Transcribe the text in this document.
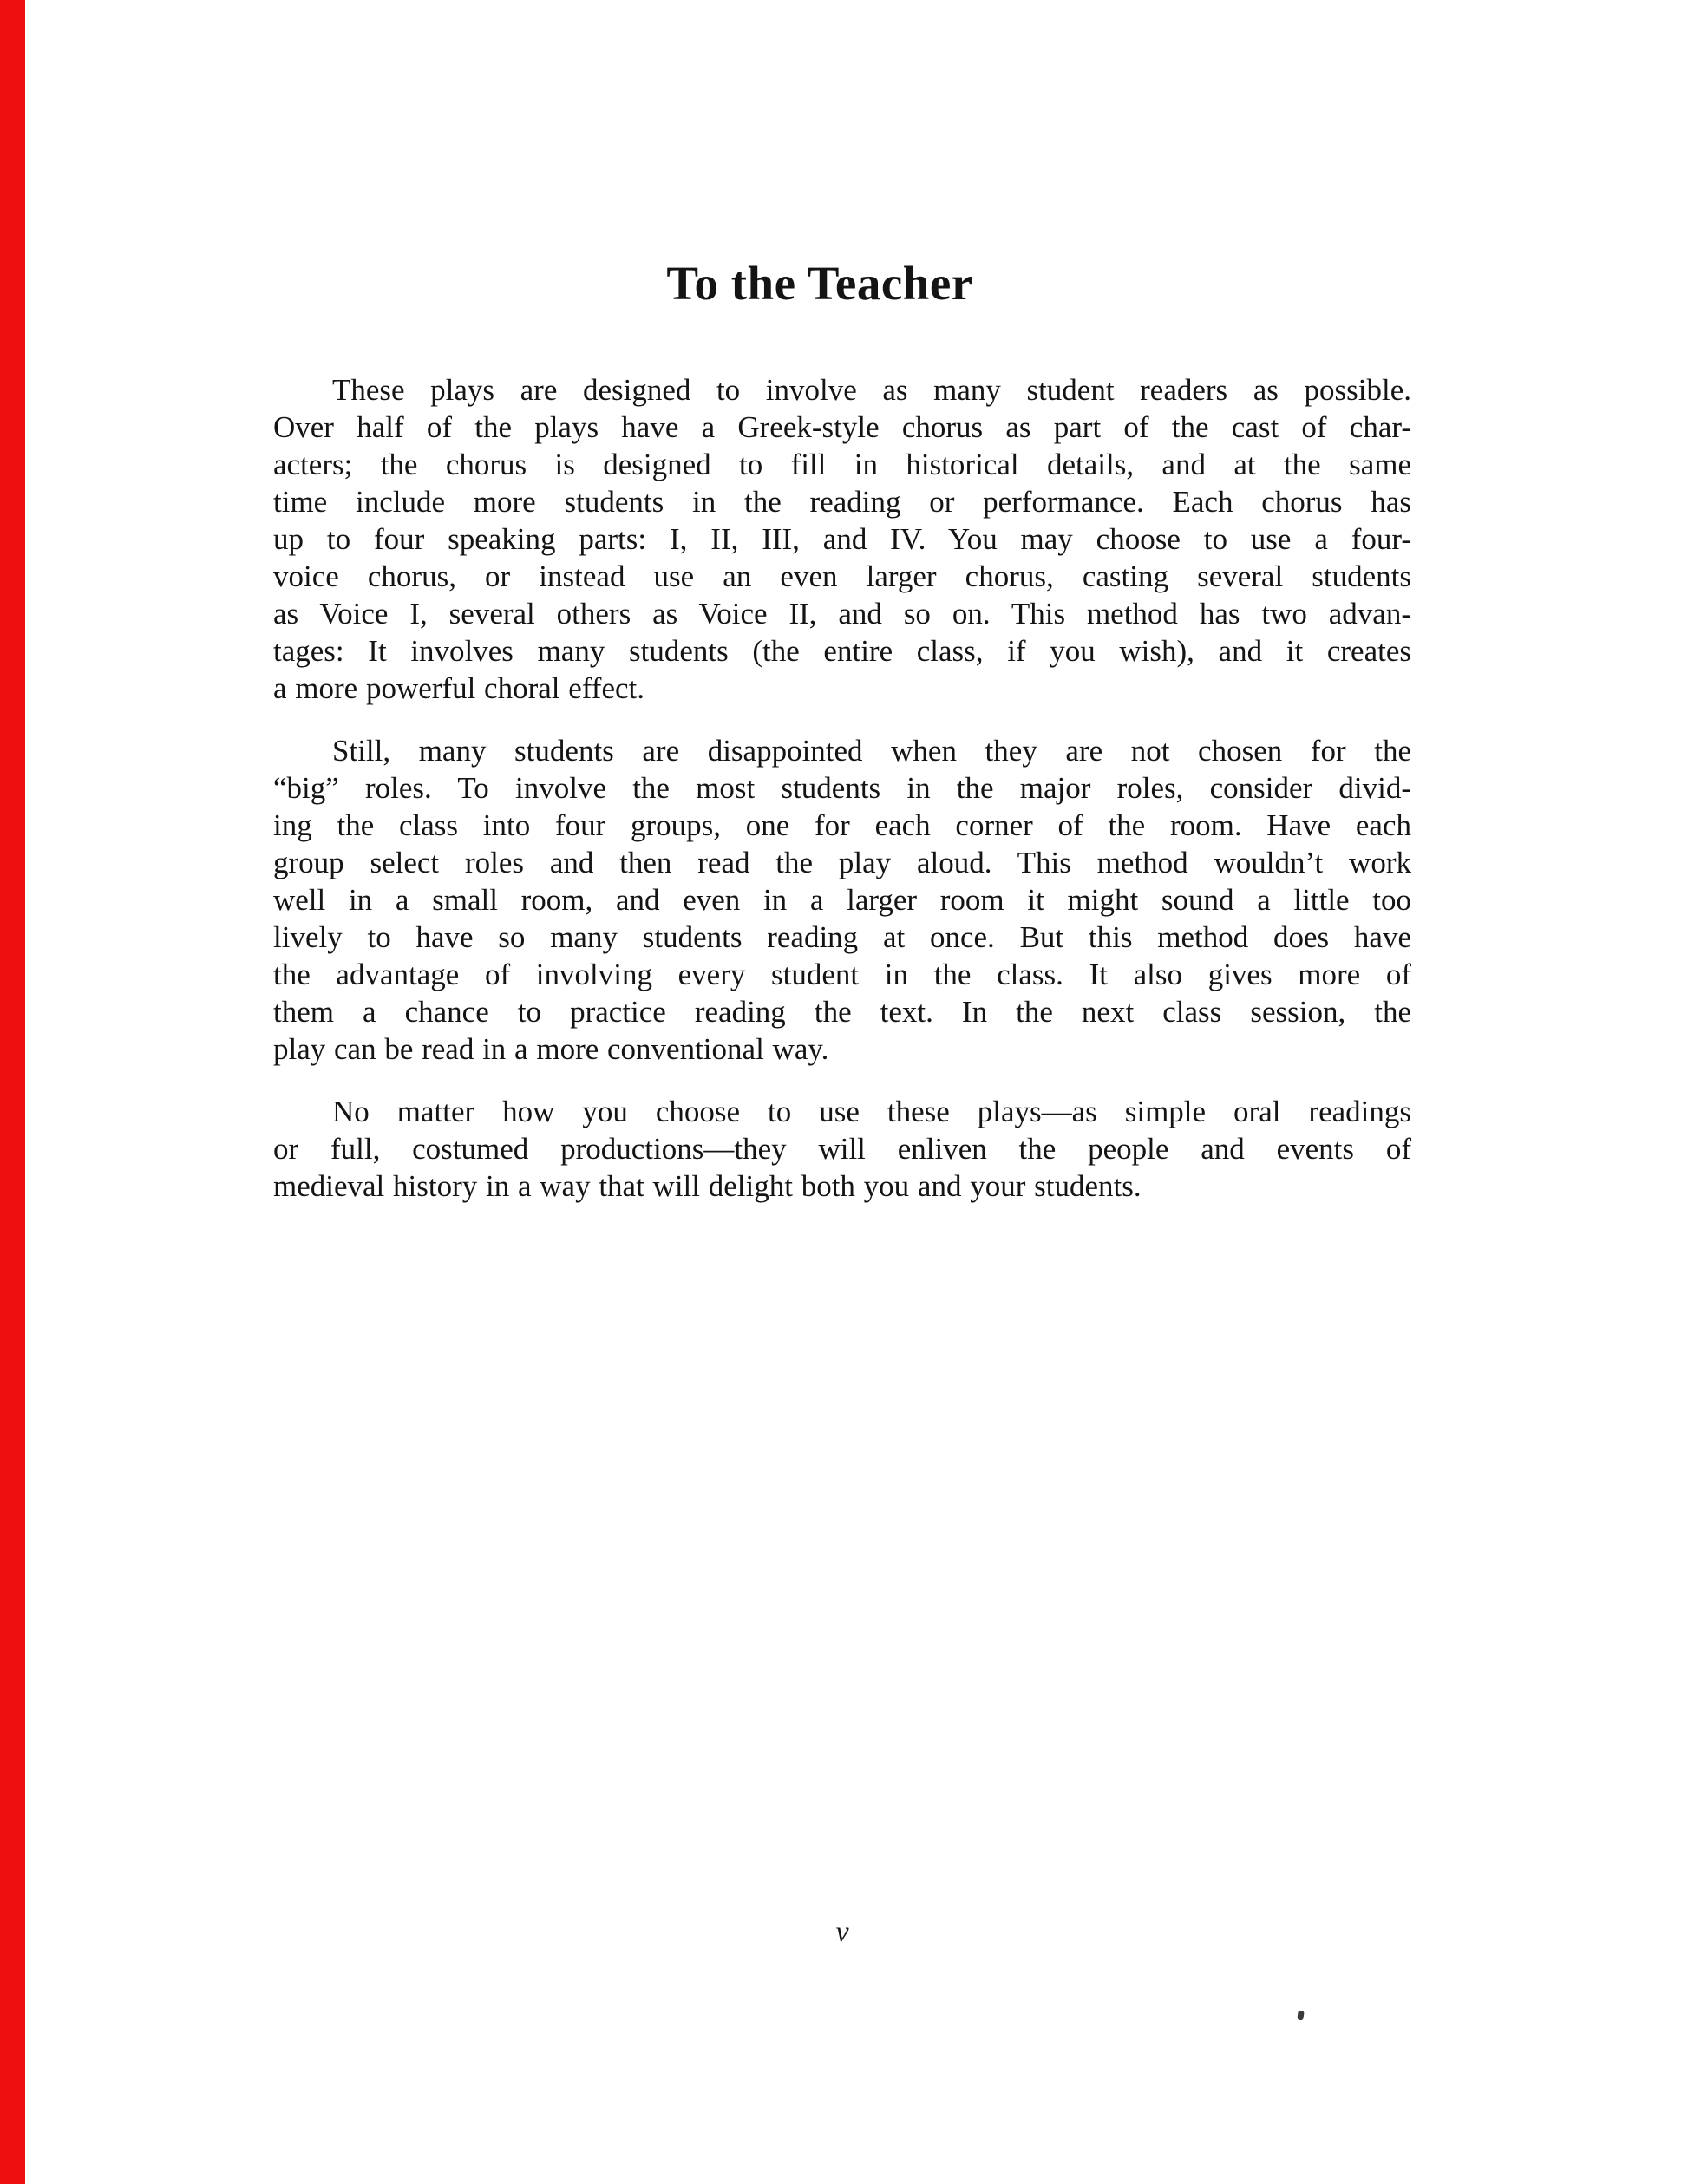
To the Teacher

These plays are designed to involve as many student readers as possible.
Over half of the plays have a Greek-style chorus as part of the cast of char-
acters; the chorus is designed to fill in historical details, and at the same
time include more students in the reading or performance. Each chorus has
up to four speaking parts: I, II, III, and IV. You may choose to use a four-
voice chorus, or instead use an even larger chorus, casting several students
as Voice I, several others as Voice II, and so on. This method has two advan-
tages: It involves many students (the entire class, if you wish), and it creates
a more powerful choral effect.

Still, many students are disappointed when they are not chosen for the
“big” roles. To involve the most students in the major roles, consider divid-
ing the class into four groups, one for each corner of the room. Have each
group select roles and then read the play aloud. This method wouldn’t work
well in a small room, and even in a larger room it might sound a little too
lively to have so many students reading at once. But this method does have
the advantage of involving every student in the class. It also gives more of
them a chance to practice reading the text. In the next class session, the
play can be read in a more conventional way.

No matter how you choose to use these plays—as simple oral readings
or full, costumed productions—they will enliven the people and events of
medieval history in a way that will delight both you and your students.

v
